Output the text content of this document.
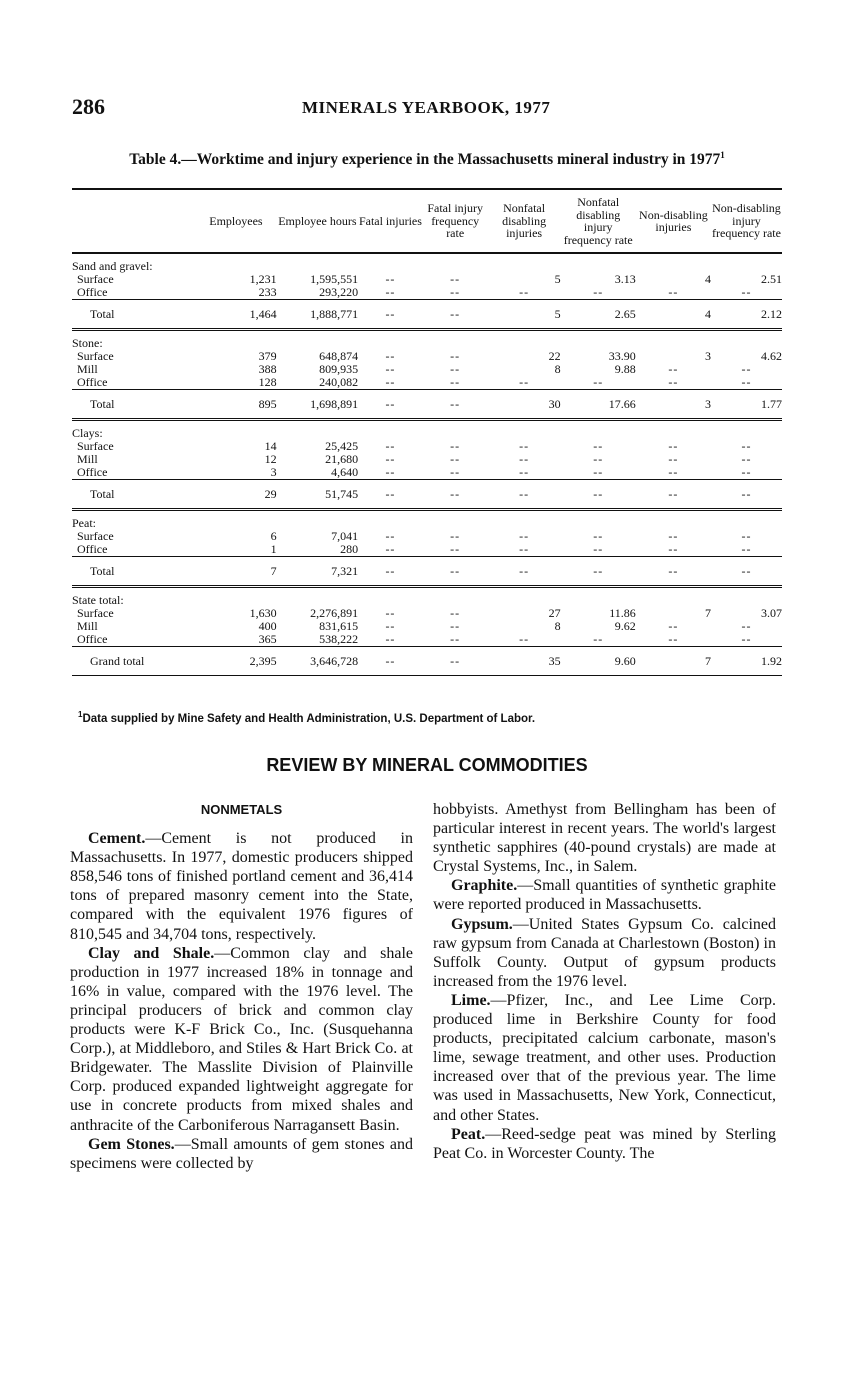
286	MINERALS YEARBOOK, 1977
Table 4.—Worktime and injury experience in the Massachusetts mineral industry in 1977$^1$
	Employees	Employee hours	Fatal injuries	Fatal injury frequency rate	Nonfatal disabling injuries	Nonfatal disabling injury frequency rate	Non-disabling injuries	Non-disabling injury frequency rate
Sand and gravel:								
Surface	1,231	1,595,551	--	--	5	3.13	4	2.51
Office	233	293,220	--	--	--	--	--	--
Total	1,464	1,888,771	--	--	5	2.65	4	2.12
Stone:								
Surface	379	648,874	--	--	22	33.90	3	4.62
Mill	388	809,935	--	--	8	9.88	--	--
Office	128	240,082	--	--	--	--	--	--
Total	895	1,698,891	--	--	30	17.66	3	1.77
Clays:								
Surface	14	25,425	--	--	--	--	--	--
Mill	12	21,680	--	--	--	--	--	--
Office	3	4,640	--	--	--	--	--	--
Total	29	51,745	--	--	--	--	--	--
Peat:								
Surface	6	7,041	--	--	--	--	--	--
Office	1	280	--	--	--	--	--	--
Total	7	7,321	--	--	--	--	--	--
State total:								
Surface	1,630	2,276,891	--	--	27	11.86	7	3.07
Mill	400	831,615	--	--	8	9.62	--	--
Office	365	538,222	--	--	--	--	--	--
Grand total	2,395	3,646,728	--	--	35	9.60	7	1.92
$^1$Data supplied by Mine Safety and Health Administration, U.S. Department of Labor.
REVIEW BY MINERAL COMMODITIES
NONMETALS

Cement.—Cement is not produced in Massachusetts. In 1977, domestic producers shipped 858,546 tons of finished portland cement and 36,414 tons of prepared masonry cement into the State, compared with the equivalent 1976 figures of 810,545 and 34,704 tons, respectively.

Clay and Shale.—Common clay and shale production in 1977 increased 18% in tonnage and 16% in value, compared with the 1976 level. The principal producers of brick and common clay products were K-F Brick Co., Inc. (Susquehanna Corp.), at Middleboro, and Stiles & Hart Brick Co. at Bridgewater. The Masslite Division of Plainville Corp. produced expanded lightweight aggregate for use in concrete products from mixed shales and anthracite of the Carboniferous Narragansett Basin.

Gem Stones.—Small amounts of gem stones and specimens were collected by

hobbyists. Amethyst from Bellingham has been of particular interest in recent years. The world's largest synthetic sapphires (40-pound crystals) are made at Crystal Systems, Inc., in Salem.

Graphite.—Small quantities of synthetic graphite were reported produced in Massachusetts.

Gypsum.—United States Gypsum Co. calcined raw gypsum from Canada at Charlestown (Boston) in Suffolk County. Output of gypsum products increased from the 1976 level.

Lime.—Pfizer, Inc., and Lee Lime Corp. produced lime in Berkshire County for food products, precipitated calcium carbonate, mason's lime, sewage treatment, and other uses. Production increased over that of the previous year. The lime was used in Massachusetts, New York, Connecticut, and other States.

Peat.—Reed-sedge peat was mined by Sterling Peat Co. in Worcester County. The
